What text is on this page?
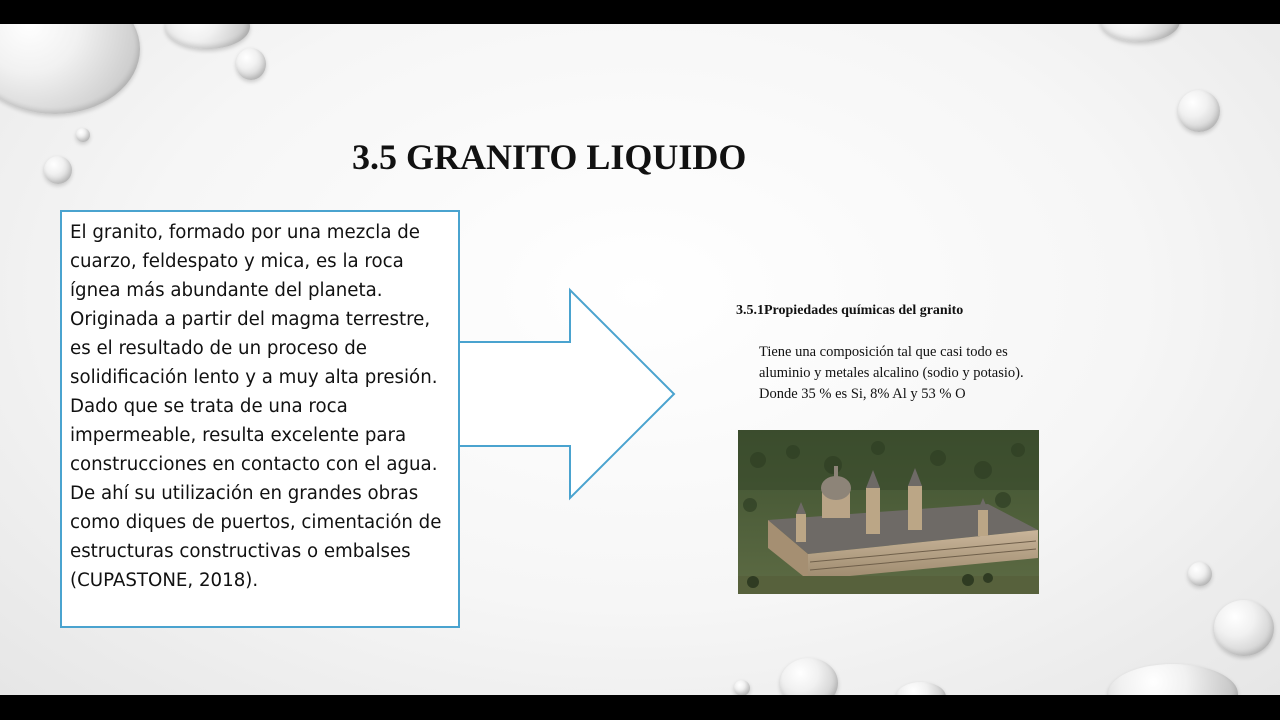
3.5 GRANITO LIQUIDO

El granito, formado por una mezcla de cuarzo, feldespato y mica, es la roca ígnea más abundante del planeta. Originada a partir del magma terrestre, es el resultado de un proceso de solidificación lento y a muy alta presión.
Dado que se trata de una roca impermeable, resulta excelente para construcciones en contacto con el agua. De ahí su utilización en grandes obras como diques de puertos, cimentación de estructuras constructivas o embalses (CUPASTONE, 2018).

3.5.1Propiedades químicas del granito
Tiene una composición tal que casi todo es aluminio y metales alcalino (sodio y potasio). Donde 35 % es Si, 8% Al y 53 % O
